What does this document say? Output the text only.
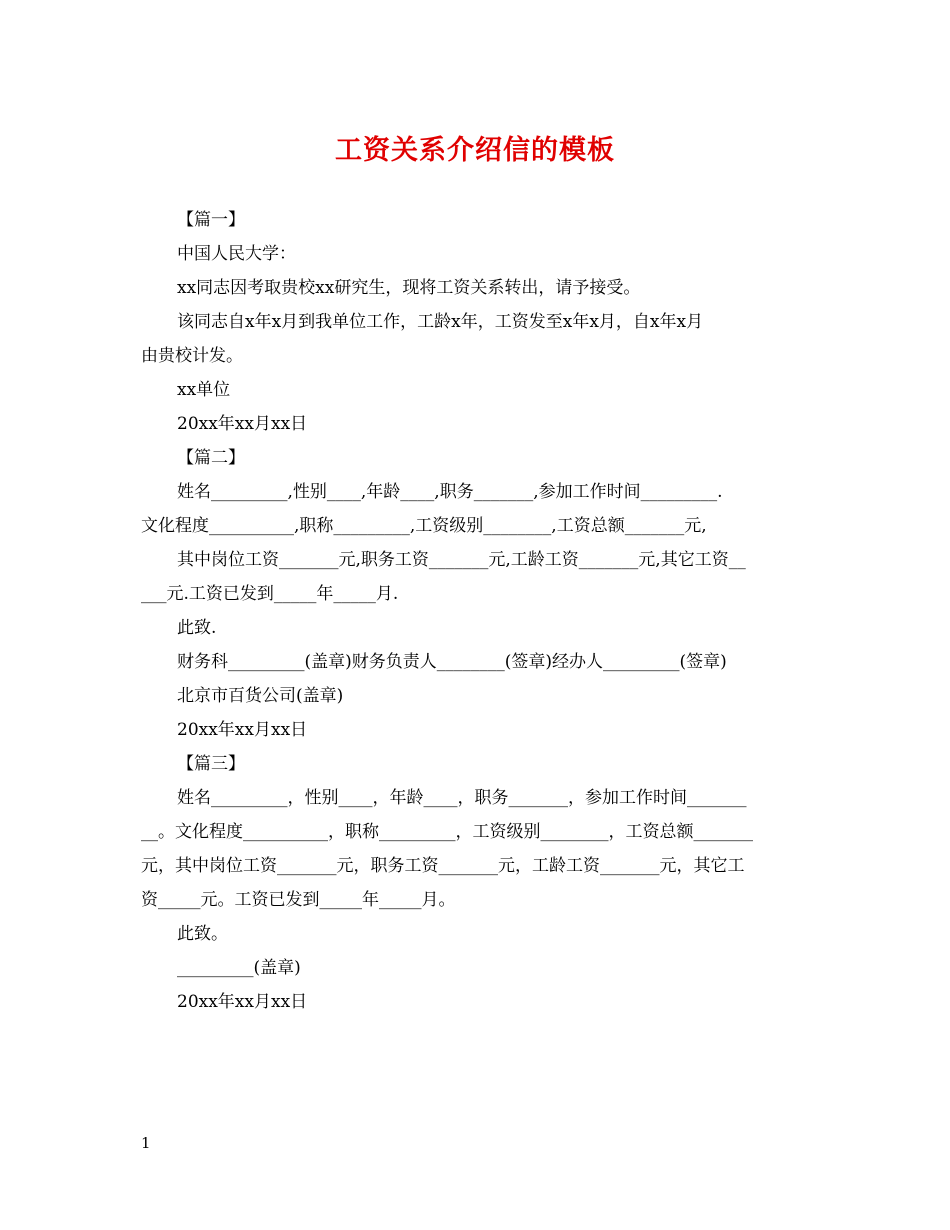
工资关系介绍信的模板
【篇一】
中国人民大学：
xx同志因考取贵校xx研究生，现将工资关系转出，请予接受。
该同志自x年x月到我单位工作，工龄x年，工资发至x年x月，自x年x月
由贵校计发。
xx单位
20xx年xx月xx日
【篇二】
姓名_________,性别____,年龄____,职务_______,参加工作时间_________.
文化程度__________,职称_________,工资级别________,工资总额_______元,
其中岗位工资_______元,职务工资_______元,工龄工资_______元,其它工资__
___元.工资已发到_____年_____月.
此致.
财务科_________(盖章)财务负责人________(签章)经办人_________(签章)
北京市百货公司(盖章)
20xx年xx月xx日
【篇三】
姓名_________，性别____，年龄____，职务_______，参加工作时间_______
__。文化程度__________，职称_________，工资级别________，工资总额_______
元，其中岗位工资_______元，职务工资_______元，工龄工资_______元，其它工
资_____元。工资已发到_____年_____月。
此致。
_________(盖章)
20xx年xx月xx日
1
